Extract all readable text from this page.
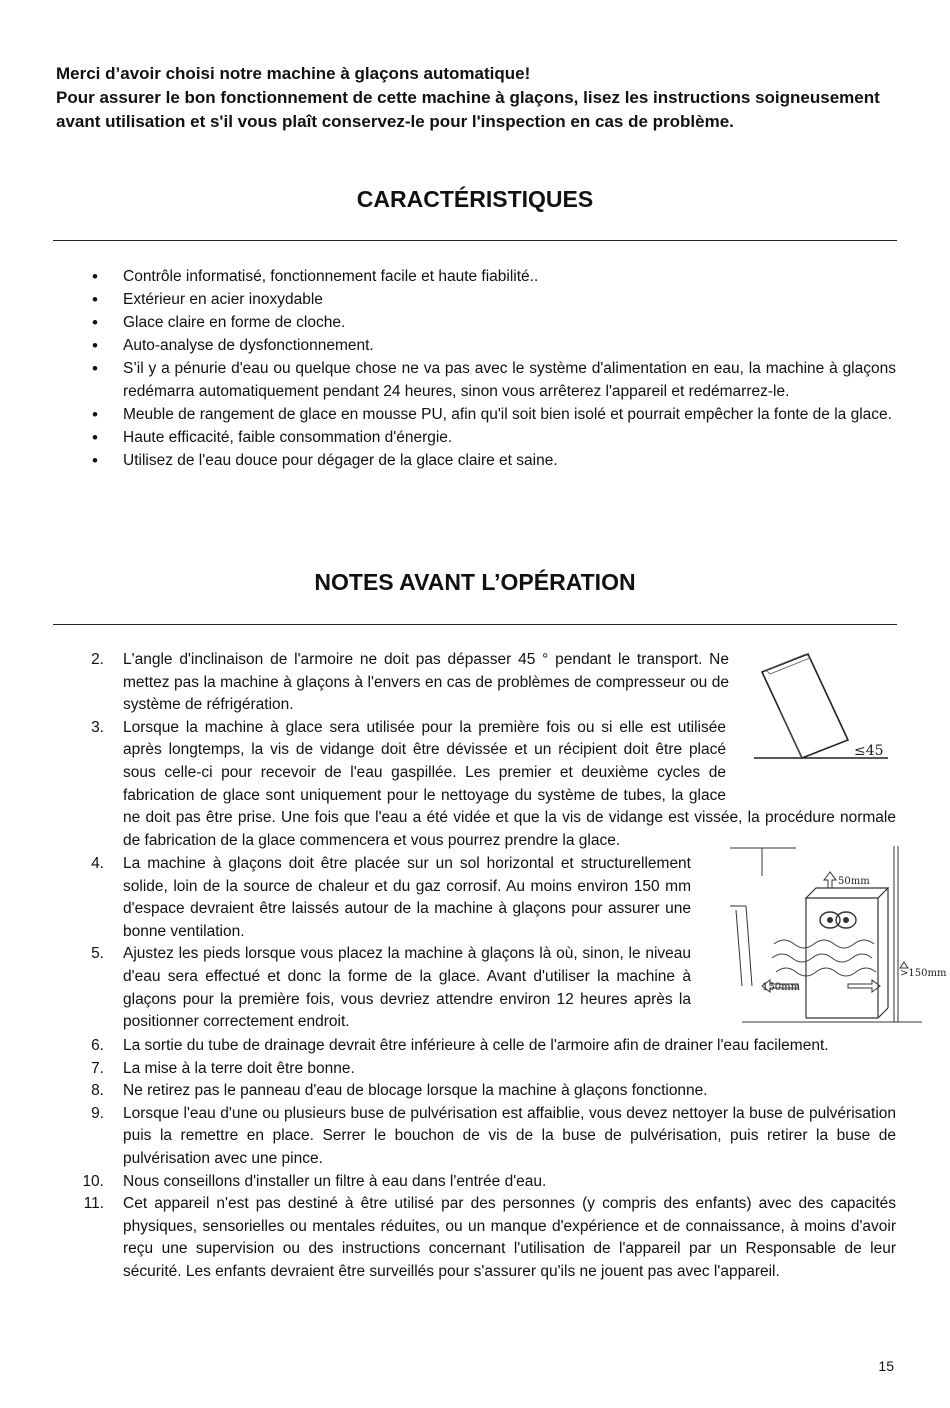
Merci d’avoir choisi notre machine à glaçons automatique!

Pour assurer le bon fonctionnement de cette machine à glaçons, lisez les instructions soigneusement avant utilisation et s'il vous plaît conservez-le pour l'inspection en cas de problème.

CARACTÉRISTIQUES
• Contrôle informatisé, fonctionnement facile et haute fiabilité..
• Extérieur en acier inoxydable
• Glace claire en forme de cloche.
• Auto-analyse de dysfonctionnement.
• S’il y a pénurie d'eau ou quelque chose ne va pas avec le système d'alimentation en eau, la machine à glaçons redémarra automatiquement pendant 24 heures, sinon vous arrêterez l'appareil et redémarrez-le.
• Meuble de rangement de glace en mousse PU, afin qu'il soit bien isolé et pourrait empêcher la fonte de la glace.
• Haute efficacité, faible consommation d'énergie.
• Utilisez de l'eau douce pour dégager de la glace claire et saine.
NOTES AVANT L’OPÉRATION
2. L'angle d'inclinaison de l'armoire ne doit pas dépasser 45 ° pendant le transport. Ne mettez pas la machine à glaçons à l'envers en cas de problèmes de compresseur ou de système de réfrigération.
3. Lorsque la machine à glace sera utilisée pour la première fois ou si elle est utilisée après longtemps, la vis de vidange doit être dévissée et un récipient doit être placé sous celle-ci pour recevoir de l'eau gaspillée. Les premier et deuxième cycles de fabrication de glace sont uniquement pour le nettoyage du système de tubes, la glace ne doit pas être prise. Une fois que l'eau a été vidée et que la vis de vidange est vissée, la procédure normale de fabrication de la glace commencera et vous pourrez prendre la glace.
4. La machine à glaçons doit être placée sur un sol horizontal et structurellement solide, loin de la source de chaleur et du gaz corrosif. Au moins environ 150 mm d'espace devraient être laissés autour de la machine à glaçons pour assurer une bonne ventilation.
5. Ajustez les pieds lorsque vous placez la machine à glaçons là où, sinon, le niveau d'eau sera effectué et donc la forme de la glace. Avant d'utiliser la machine à glaçons pour la première fois, vous devriez attendre environ 12 heures après la positionner correctement endroit.
6. La sortie du tube de drainage devrait être inférieure à celle de l'armoire afin de drainer l'eau facilement.
7. La mise à la terre doit être bonne.
8. Ne retirez pas le panneau d'eau de blocage lorsque la machine à glaçons fonctionne.
9. Lorsque l'eau d'une ou plusieurs buse de pulvérisation est affaiblie, vous devez nettoyer la buse de pulvérisation puis la remettre en place. Serrer le bouchon de vis de la buse de pulvérisation, puis retirer la buse de pulvérisation avec une pince.
10. Nous conseillons d'installer un filtre à eau dans l'entrée d'eau.
11. Cet appareil n'est pas destiné à être utilisé par des personnes (y compris des enfants) avec des capacités physiques, sensorielles ou mentales réduites, ou un manque d'expérience et de connaissance, à moins d'avoir reçu une supervision ou des instructions concernant l'utilisation de l'appareil par un Responsable de leur sécurité. Les enfants devraient être surveillés pour s'assurer qu'ils ne jouent pas avec l'appareil.
≤45
50mm
150mm
>150mm
15
